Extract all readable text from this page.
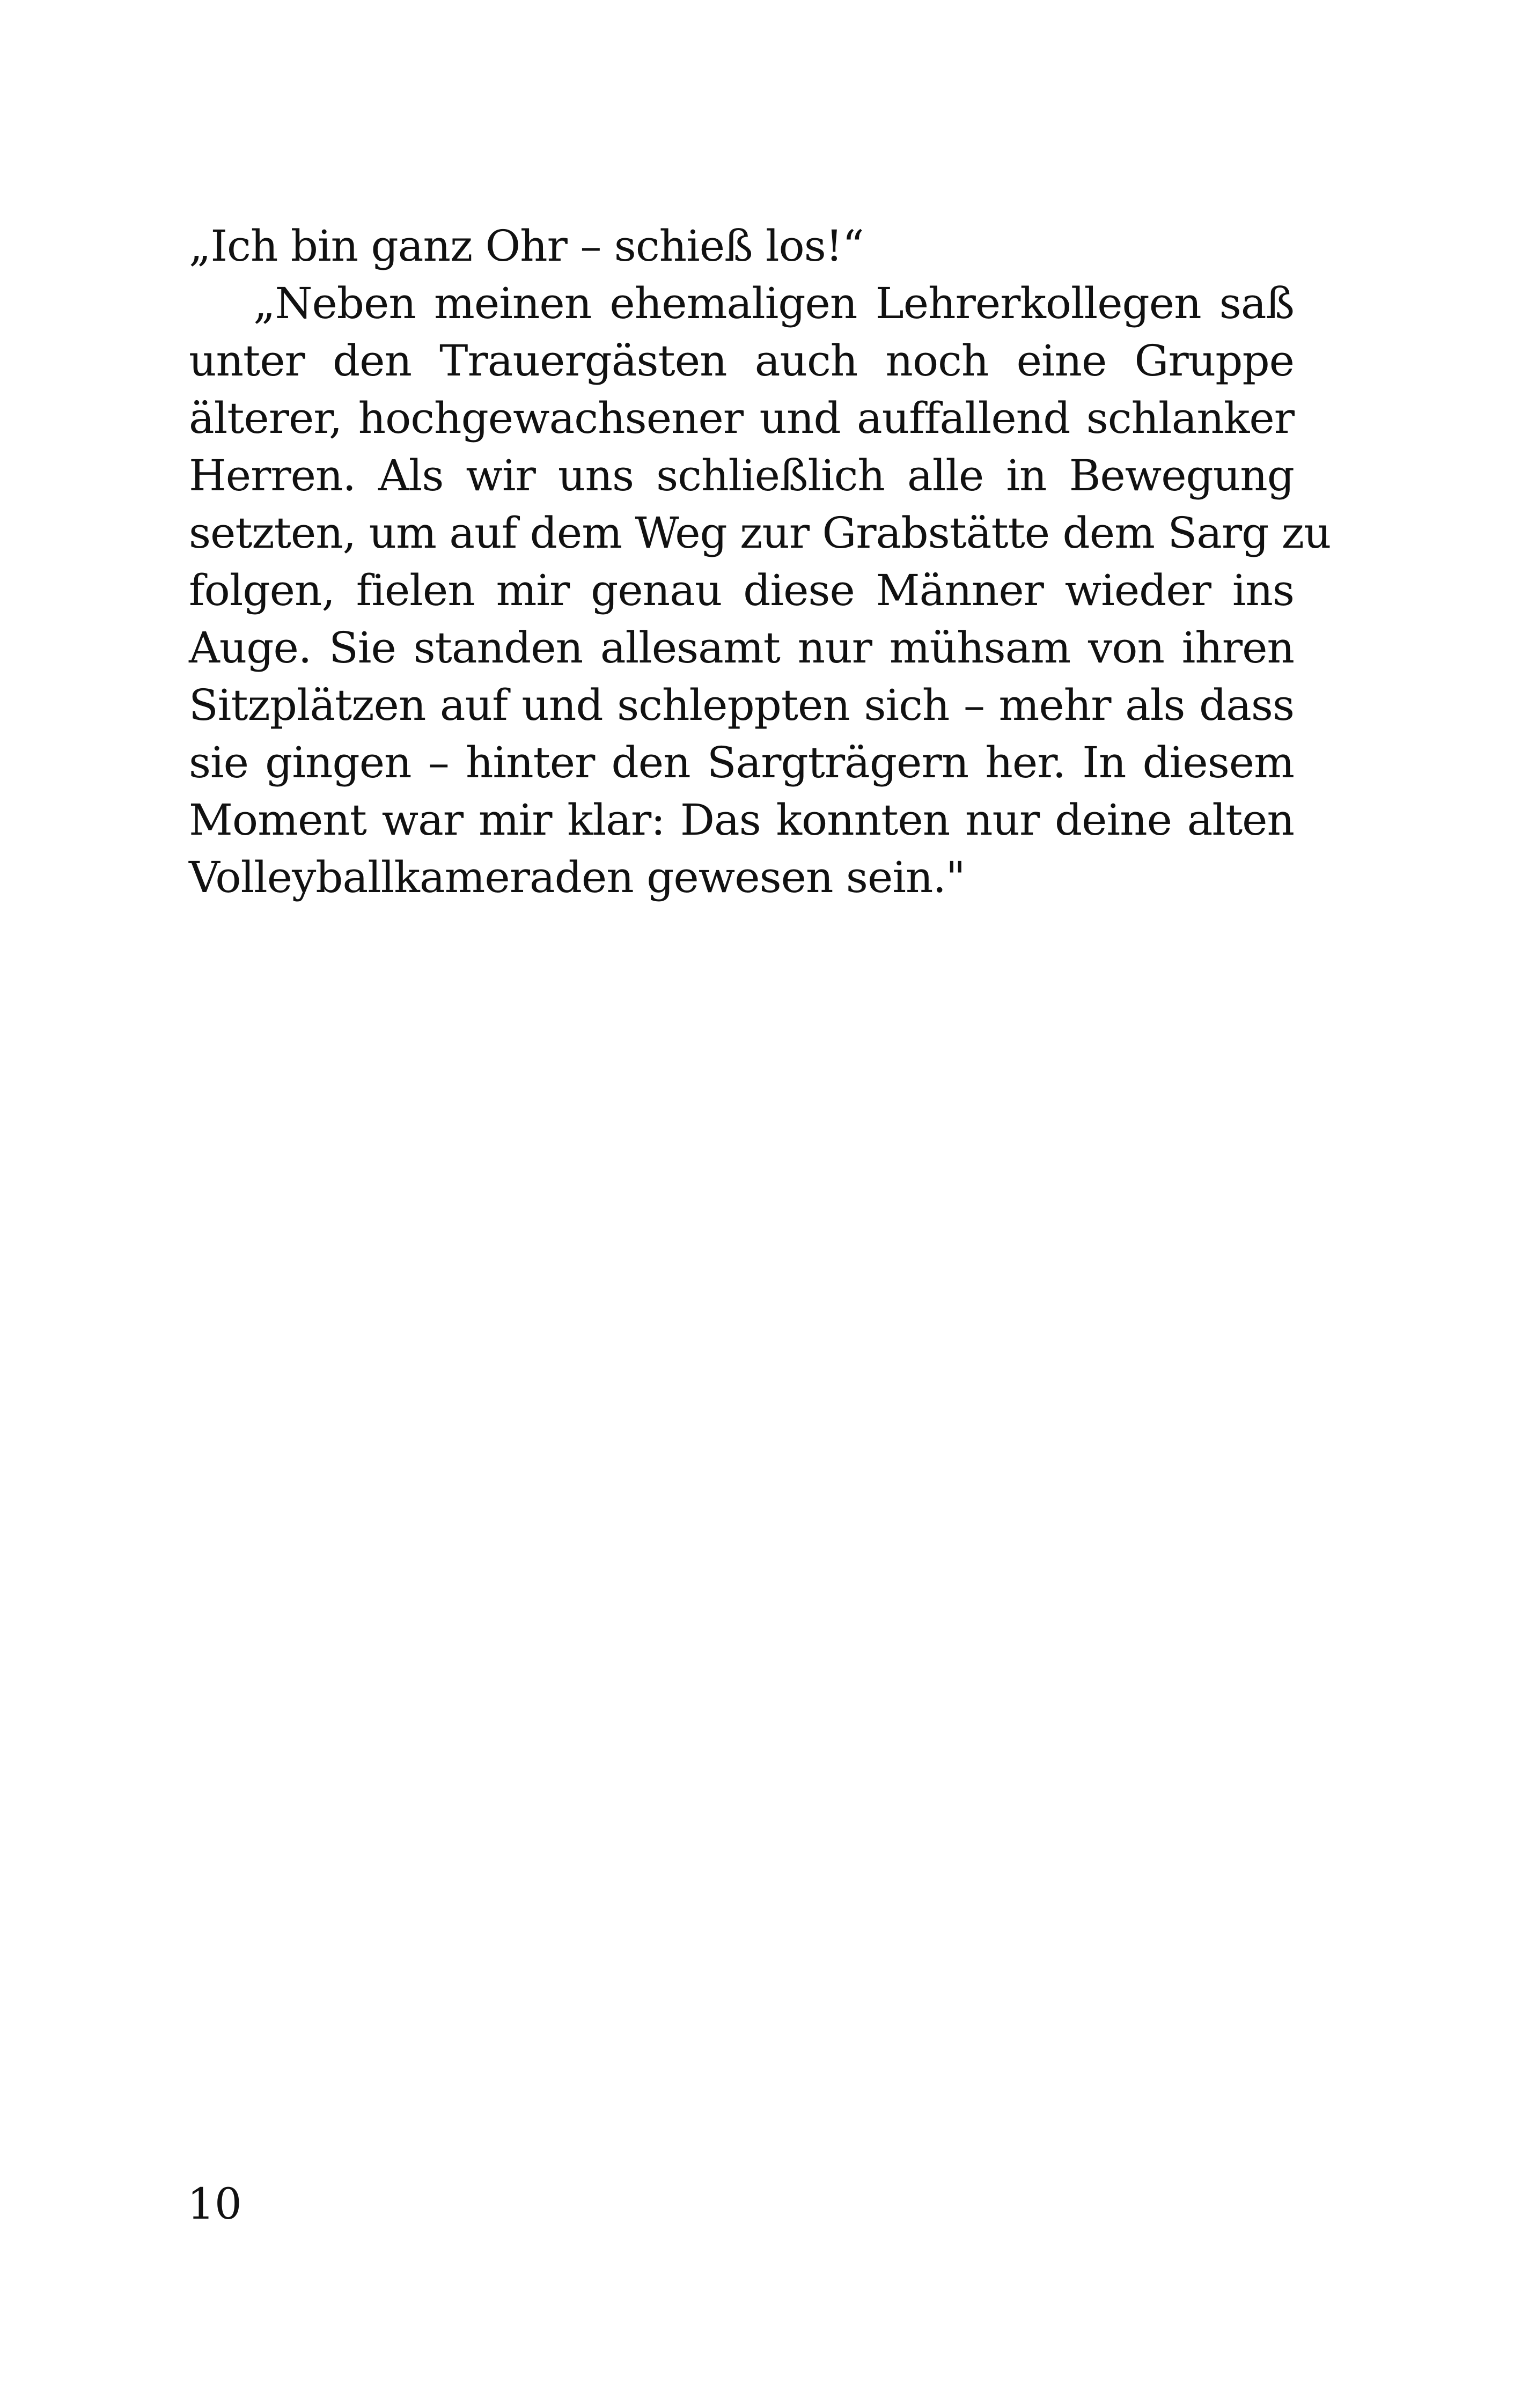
„Ich bin ganz Ohr – schieß los!“

„Neben meinen ehemaligen Lehrerkollegen saß
unter den Trauergästen auch noch eine Gruppe
älterer, hochgewachsener und auffallend schlanker
Herren. Als wir uns schließlich alle in Bewegung
setzten, um auf dem Weg zur Grabstätte dem Sarg zu
folgen, fielen mir genau diese Männer wieder ins
Auge. Sie standen allesamt nur mühsam von ihren
Sitzplätzen auf und schleppten sich – mehr als dass
sie gingen – hinter den Sargträgern her. In diesem
Moment war mir klar: Das konnten nur deine alten
Volleyballkameraden gewesen sein."

10
